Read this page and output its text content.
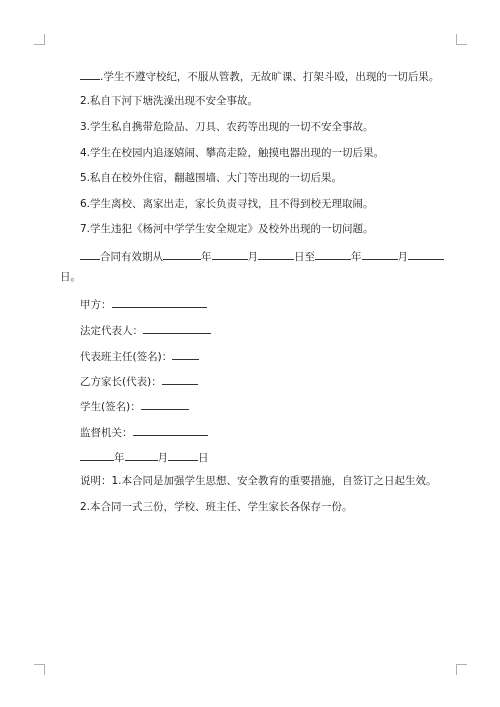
.学生不遵守校纪，不服从管教，无故旷课、打架斗殴，出现的一切后果。
2.私自下河下塘洗澡出现不安全事故。
3.学生私自携带危险品、刀具、农药等出现的一切不安全事故。
4.学生在校园内追逐嬉闹、攀高走险，触摸电器出现的一切后果。
5.私自在校外住宿，翻越围墙、大门等出现的一切后果。
6.学生离校、离家出走，家长负责寻找，且不得到校无理取闹。
7.学生违犯《杨河中学学生安全规定》及校外出现的一切问题。
合同有效期从	年	月	日至	年	月
日。
甲方：
法定代表人：
代表班主任(签名)：
乙方家长(代表)：
学生(签名)：
监督机关：
年	月	日
说明：1.本合同是加强学生思想、安全教育的重要措施，自签订之日起生效。
2.本合同一式三份，学校、班主任、学生家长各保存一份。
